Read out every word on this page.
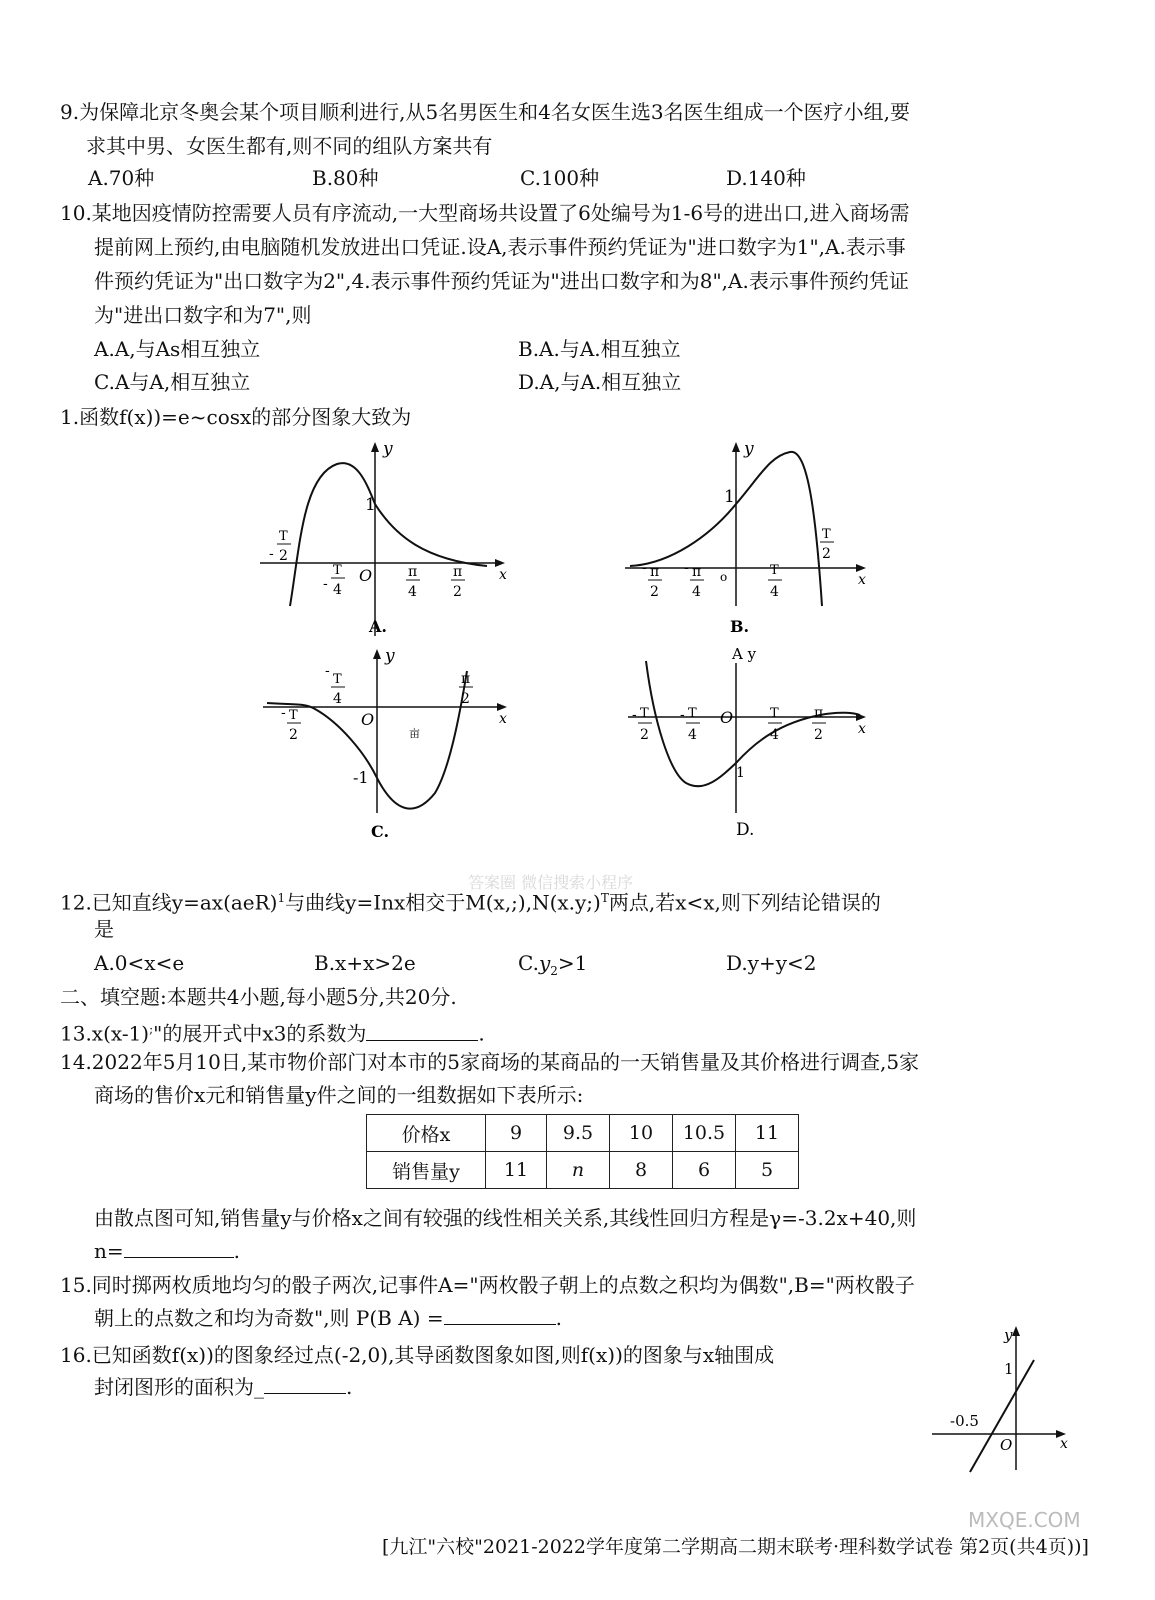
9.为保障北京冬奥会某个项目顺利进行,从5名男医生和4名女医生选3名医生组成一个医疗小组,要
求其中男、女医生都有,则不同的组队方案共有
A.70种	B.80种	C.100种	D.140种
10.某地因疫情防控需要人员有序流动,一大型商场共设置了6处编号为1-6号的进出口,进入商场需
提前网上预约,由电脑随机发放进出口凭证.设A,表示事件预约凭证为"进口数字为1",A.表示事
件预约凭证为"出口数字为2",4.表示事件预约凭证为"进出口数字和为8",A.表示事件预约凭证
为"进出口数字和为7",则
A.A,与As相互独立	B.A.与A.相互独立
C.A与A,相互独立	D.A,与A.相互独立
1.函数f(x))=e~cosx的部分图象大致为
y
x
O
1
T
- 2
T
- 4
π
4
π
2
A.
y
x
1
o
T
2
- π
2
- π
4
T
4
B.
y
x
O
-1
亩
-
T
4
- T
2
π
2
C.
A y
x
O
1
- T
2
- T
4
T
4
π
2
D.
12.已知直线y=ax(aeR)$^1$与曲线y=Inx相交于M(x,;),N(x.y;)$^T$两点,若x<x,则下列结论错误的
是
A.0<x<e	B.x+x>2e	$C.y_2>1$	D.y+y<2
二、填空题:本题共4小题,每小题5分,共20分.
13.x(x-1);"的展开式中x3的系数为	.
14.2022年5月10日,某市物价部门对本市的5家商场的某商品的一天销售量及其价格进行调查,5家
商场的售价x元和销售量y件之间的一组数据如下表所示:
价格x	9	9.5	10	10.5	11
销售量y	11	n	8	6	5
由散点图可知,销售量y与价格x之间有较强的线性相关关系,其线性回归方程是γ=-3.2x+40,则
n=	.
15.同时掷两枚质地均匀的骰子两次,记事件A="两枚骰子朝上的点数之积均为偶数",B="两枚骰子
朝上的点数之和均为奇数",则 P(B A) =	.
16.已知函数f(x))的图象经过点(-2,0),其导函数图象如图,则f(x))的图象与x轴围成
封闭图形的面积为_	.
y
x
1
-0.5
O
答案圈 微信搜索小程序
[九江"六校"2021-2022学年度第二学期高二期末联考·理科数学试卷 第2页(共4页))]
MXQE.COM
